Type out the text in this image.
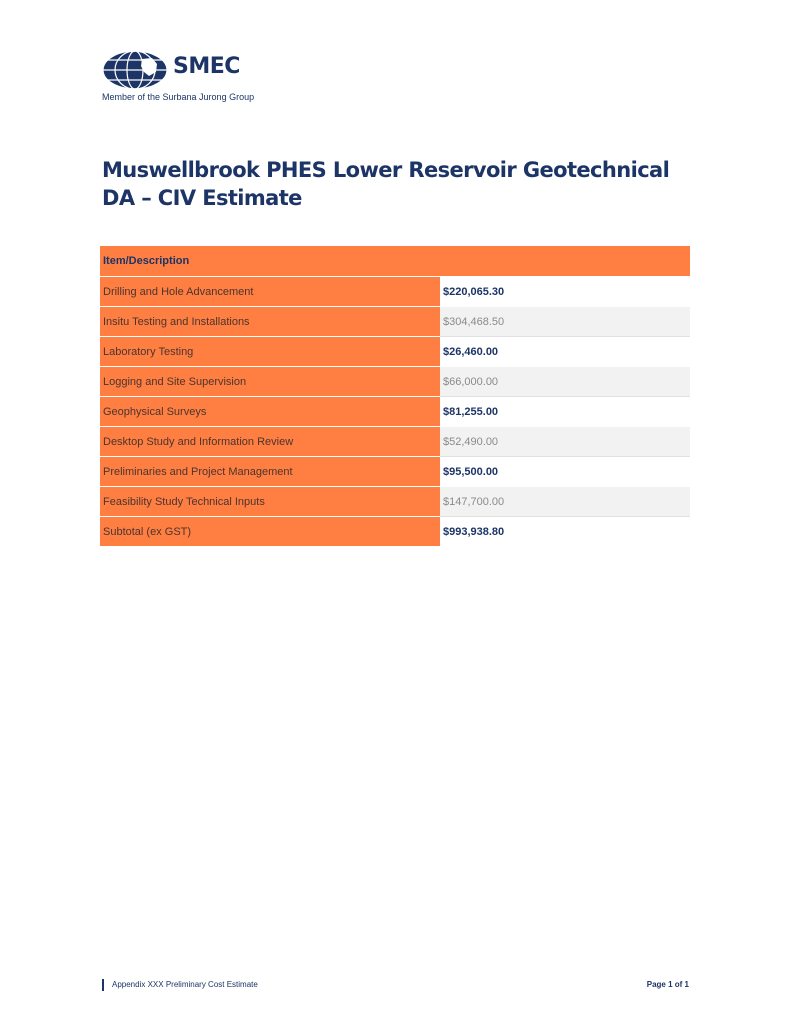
SMEC
Member of the Surbana Jurong Group
Muswellbrook PHES Lower Reservoir Geotechnical DA – CIV Estimate
Item/Description	
Drilling and Hole Advancement	$220,065.30
Insitu Testing and Installations	$304,468.50
Laboratory Testing	$26,460.00
Logging and Site Supervision	$66,000.00
Geophysical Surveys	$81,255.00
Desktop Study and Information Review	$52,490.00
Preliminaries and Project Management	$95,500.00
Feasibility Study Technical Inputs	$147,700.00
Subtotal (ex GST)	$993,938.80
Appendix XXX Preliminary Cost Estimate	Page 1 of 1
